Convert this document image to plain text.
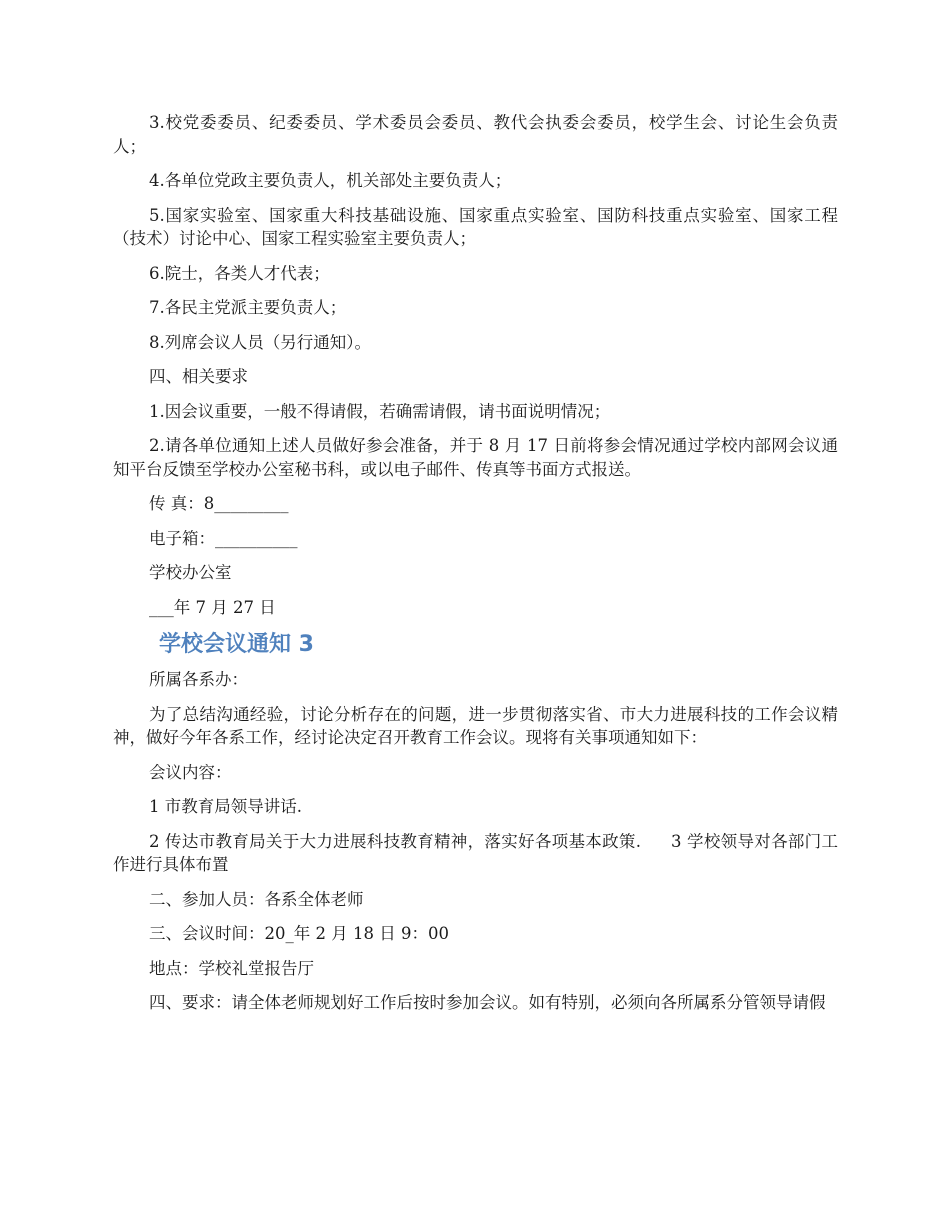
3.校党委委员、纪委委员、学术委员会委员、教代会执委会委员，校学生会、讨论生会负责人；

4.各单位党政主要负责人，机关部处主要负责人；

5.国家实验室、国家重大科技基础设施、国家重点实验室、国防科技重点实验室、国家工程（技术）讨论中心、国家工程实验室主要负责人；

6.院士，各类人才代表；

7.各民主党派主要负责人；

8.列席会议人员（另行通知）。

四、相关要求

1.因会议重要，一般不得请假，若确需请假，请书面说明情况；

2.请各单位通知上述人员做好参会准备，并于 8 月 17 日前将参会情况通过学校内部网会议通知平台反馈至学校办公室秘书科，或以电子邮件、传真等书面方式报送。

传 真：8_________

电子箱：__________

学校办公室

___年 7 月 27 日

学校会议通知 3

所属各系办：

为了总结沟通经验，讨论分析存在的问题，进一步贯彻落实省、市大力进展科技的工作会议精神，做好今年各系工作，经讨论决定召开教育工作会议。现将有关事项通知如下：

会议内容：

1 市教育局领导讲话.

2 传达市教育局关于大力进展科技教育精神，落实好各项基本政策. 3 学校领导对各部门工作进行具体布置

二、参加人员：各系全体老师

三、会议时间：20_年 2 月 18 日 9：00

地点：学校礼堂报告厅

四、要求：请全体老师规划好工作后按时参加会议。如有特别，必须向各所属系分管领导请假
